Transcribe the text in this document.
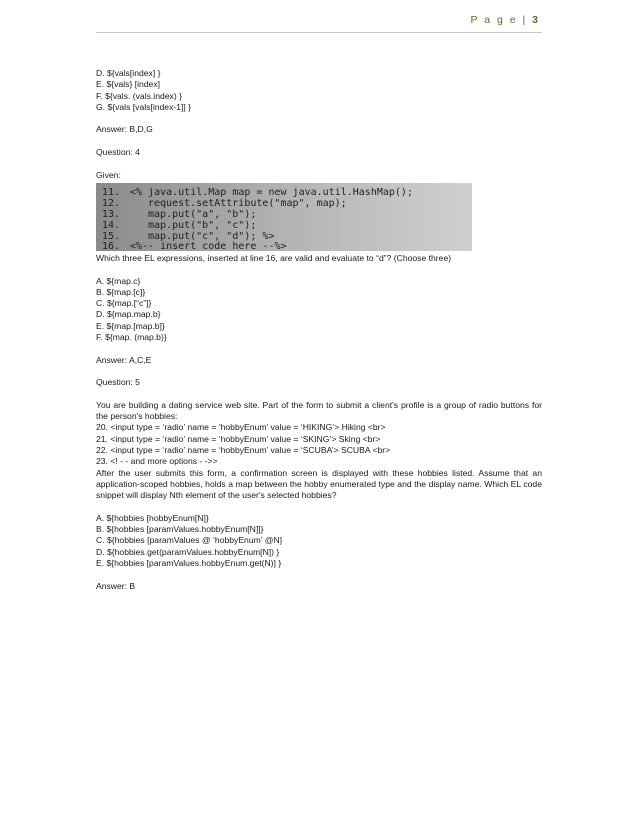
P a g e | 3
D. ${vals[index] }
E. ${vals} [index]
F. ${vals. (vals.index) }
G. ${vals [vals[index-1]] }
Answer: B,D,G
Question: 4
Given:
11. <% java.util.Map map = new java.util.HashMap();
12.	request.setAttribute("map", map);
13.	map.put("a", "b");
14.	map.put("b", "c");
15.	map.put("c", "d"); %>
16. <%-- insert code here --%>
Which three EL expressions, inserted at line 16, are valid and evaluate to “d”? (Choose three)
A. ${map.c}
B. ${map.[c]}
C. ${map.[“c”]}
D. ${map.map.b}
E. ${map.[map.b]}
F. ${map. (map.b)}
Answer: A,C,E
Question: 5
You are building a dating service web site. Part of the form to submit a client's profile is a group of radio buttons for the person's hobbies:
20. <input type = ‘radio’ name = ‘hobbyEnum’ value = ‘HIKING’> Hiking <br>
21. <input type = ‘radio’ name = ‘hobbyEnum’ value = ‘SKING’> Sking <br>
22. <input type = ‘radio’ name = ‘hobbyEnum’ value = ‘SCUBA’> SCUBA <br>
23. <! - - and more options - ->>
After the user submits this form, a confirmation screen is displayed with these hobbies listed. Assume that an application-scoped hobbies, holds a map between the hobby enumerated type and the display name. Which EL code snippet will display Nth element of the user's selected hobbies?
A. ${hobbies [hobbyEnum[N]}
B. ${hobbies [paramValues.hobbyEnum[N]]}
C. ${hobbies [paramValues @ ‘hobbyEnum’ @N]
D. ${hobbies.get(paramValues.hobbyEnum[N]) }
E. ${hobbies [paramValues.hobbyEnum.get(N)] }
Answer: B
